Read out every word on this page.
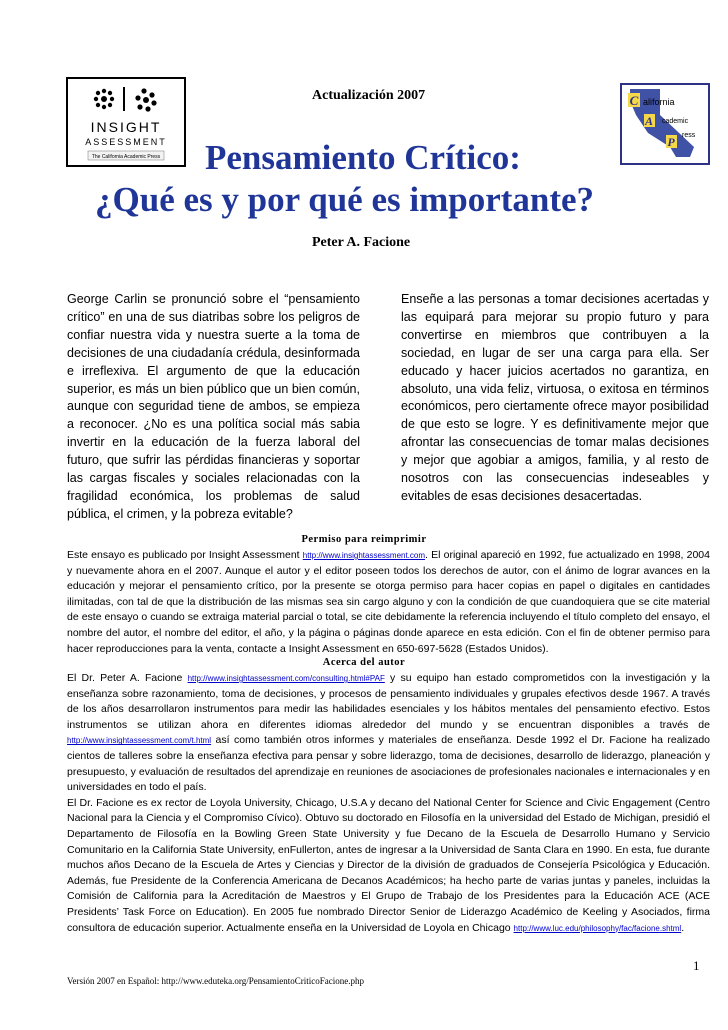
INSIGHT
ASSESSMENT
The California Academic Press
C alifornia
A cademic
P ress
Actualización 2007
Pensamiento Crítico:
¿Qué es y por qué es importante?
Peter A. Facione
George Carlin se pronunció sobre el “pensamiento crítico” en una de sus diatribas sobre los peligros de confiar nuestra vida y nuestra suerte a la toma de decisiones de una ciudadanía crédula, desinformada e irreflexiva. El argumento de que la educación superior, es más un bien público que un bien común, aunque con seguridad tiene de ambos, se empieza a reconocer. ¿No es una política social más sabia invertir en la educación de la fuerza laboral del futuro, que sufrir las pérdidas financieras y soportar las cargas fiscales y sociales relacionadas con la fragilidad económica, los problemas de salud pública, el crimen, y la pobreza evitable?
Enseñe a las personas a tomar decisiones acertadas y las equipará para mejorar su propio futuro y para convertirse en miembros que contribuyen a la sociedad, en lugar de ser una carga para ella. Ser educado y hacer juicios acertados no garantiza, en absoluto, una vida feliz, virtuosa, o exitosa en términos económicos, pero ciertamente ofrece mayor posibilidad de que esto se logre. Y es definitivamente mejor que afrontar las consecuencias de tomar malas decisiones y mejor que agobiar a amigos, familia, y al resto de nosotros con las consecuencias indeseables y evitables de esas decisiones desacertadas.
Permiso para reimprimir
Este ensayo es publicado por Insight Assessment http://www.insightassessment.com. El original apareció en 1992, fue actualizado en 1998, 2004 y nuevamente ahora en el 2007. Aunque el autor y el editor poseen todos los derechos de autor, con el ánimo de lograr avances en la educación y mejorar el pensamiento crítico, por la presente se otorga permiso para hacer copias en papel o digitales en cantidades ilimitadas, con tal de que la distribución de las mismas sea sin cargo alguno y con la condición de que cuandoquiera que se cite material de este ensayo o cuando se extraiga material parcial o total, se cite debidamente la referencia incluyendo el título completo del ensayo, el nombre del autor, el nombre del editor, el año, y la página o páginas donde aparece en esta edición. Con el fin de obtener permiso para hacer reproducciones para la venta, contacte a Insight Assessment en 650-697-5628 (Estados Unidos).
Acerca del autor
El Dr. Peter A. Facione http://www.insightassessment.com/consulting.html#PAF y su equipo han estado comprometidos con la investigación y la enseñanza sobre razonamiento, toma de decisiones, y procesos de pensamiento individuales y grupales efectivos desde 1967. A través de los años desarrollaron instrumentos para medir las habilidades esenciales y los hábitos mentales del pensamiento efectivo. Estos instrumentos se utilizan ahora en diferentes idiomas alrededor del mundo y se encuentran disponibles a través de http://www.insightassessment.com/t.html así como también otros informes y materiales de enseñanza. Desde 1992 el Dr. Facione ha realizado cientos de talleres sobre la enseñanza efectiva para pensar y sobre liderazgo, toma de decisiones, desarrollo de liderazgo, planeación y presupuesto, y evaluación de resultados del aprendizaje en reuniones de asociaciones de profesionales nacionales e internacionales y en universidades en todo el país.
El Dr. Facione es ex rector de Loyola University, Chicago, U.S.A y decano del National Center for Science and Civic Engagement (Centro Nacional para la Ciencia y el Compromiso Cívico). Obtuvo su doctorado en Filosofía en la universidad del Estado de Michigan, presidió el Departamento de Filosofía en la Bowling Green State University y fue Decano de la Escuela de Desarrollo Humano y Servicio Comunitario en la California State University, enFullerton, antes de ingresar a la Universidad de Santa Clara en 1990. En esta, fue durante muchos años Decano de la Escuela de Artes y Ciencias y Director de la división de graduados de Consejería Psicológica y Educación. Además, fue Presidente de la Conferencia Americana de Decanos Académicos; ha hecho parte de varias juntas y paneles, incluidas la Comisión de California para la Acreditación de Maestros y El Grupo de Trabajo de los Presidentes para la Educación ACE (ACE Presidents’ Task Force on Education). En 2005 fue nombrado Director Senior de Liderazgo Académico de Keeling y Asociados, firma consultora de educación superior. Actualmente enseña en la Universidad de Loyola en Chicago http://www.luc.edu/philosophy/fac/facione.shtml.
1
Versión 2007 en Español: http://www.eduteka.org/PensamientoCriticoFacione.php
